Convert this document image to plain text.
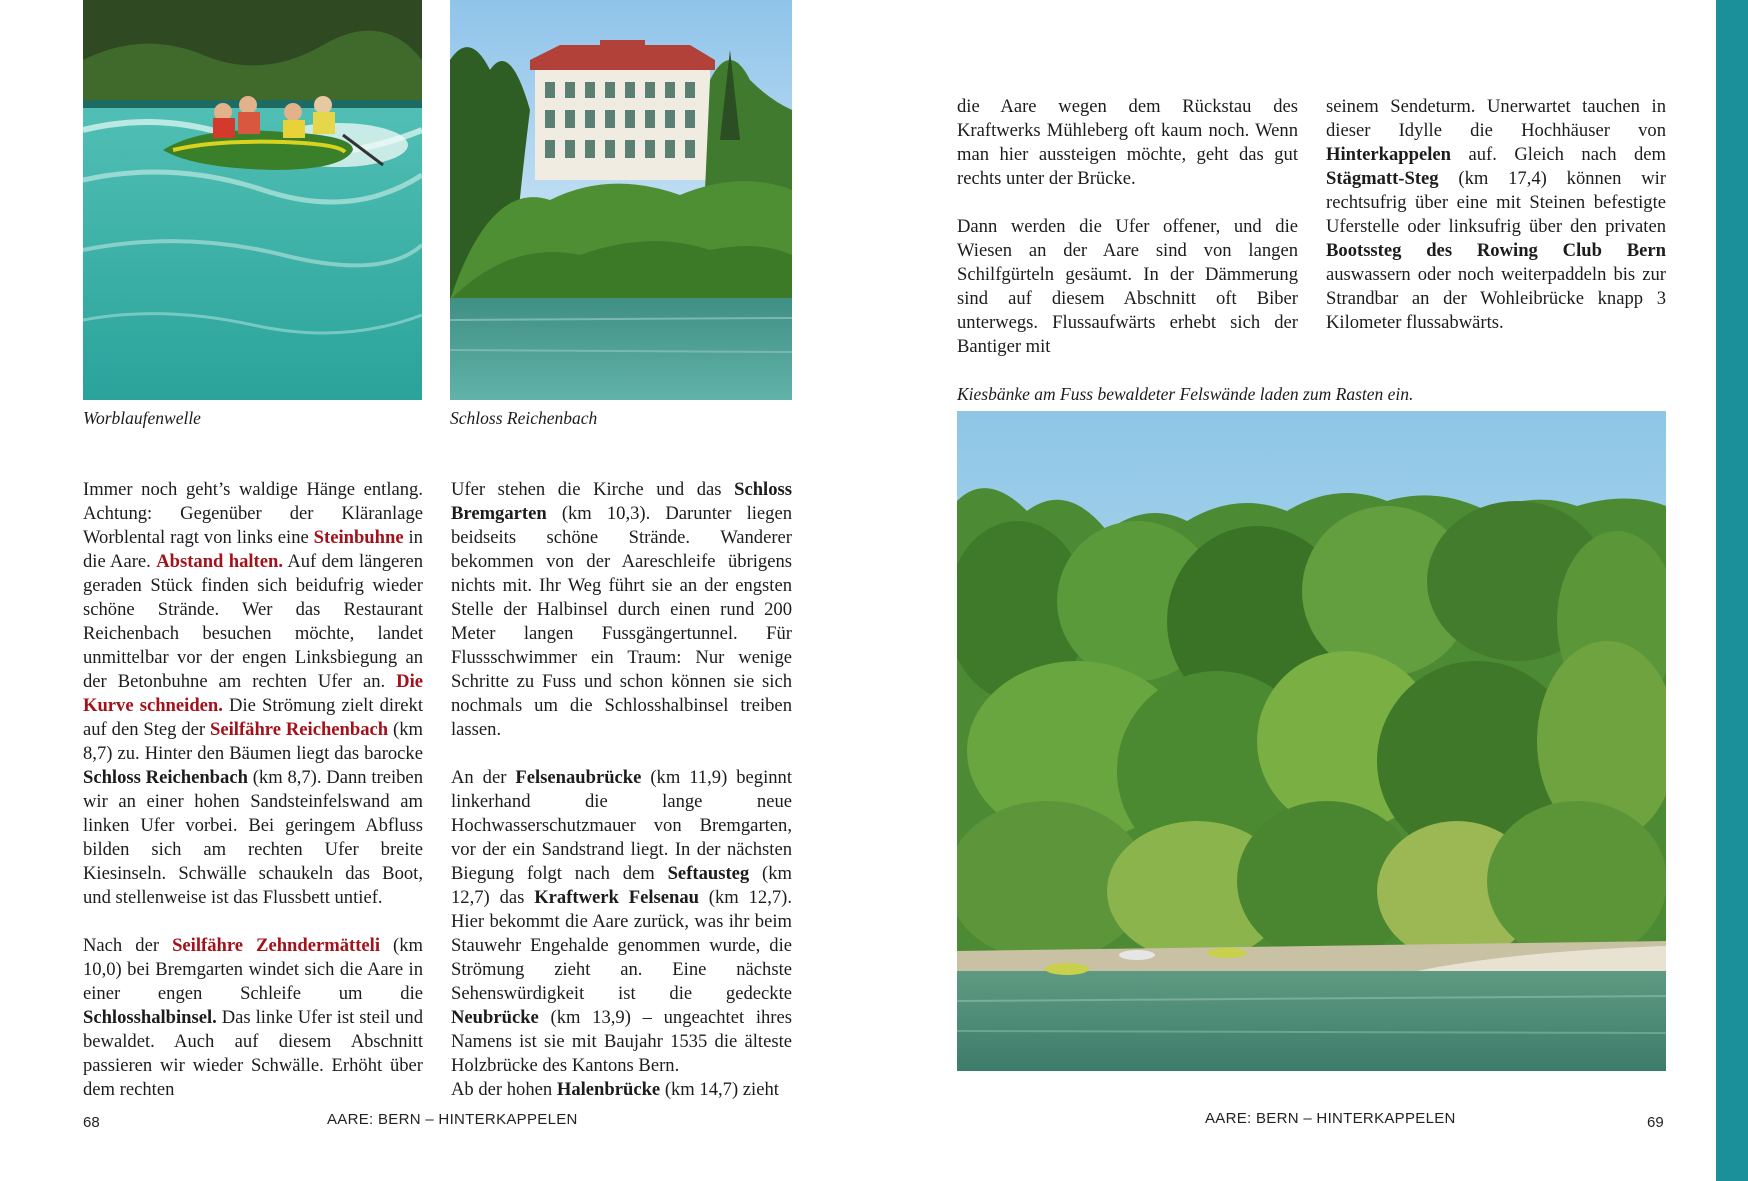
Worblaufenwelle	Schloss Reichenbach

Immer noch geht’s waldige Hänge entlang. Achtung: Gegenüber der Kläranlage Worblental ragt von links eine Steinbuhne in die Aare. Abstand halten. Auf dem längeren geraden Stück finden sich beidufrig wieder schöne Strände. Wer das Restaurant Reichenbach besuchen möchte, landet unmittelbar vor der engen Linksbiegung an der Betonbuhne am rechten Ufer an. Die Kurve schneiden. Die Strömung zielt direkt auf den Steg der Seilfähre Reichenbach (km 8,7) zu. Hinter den Bäumen liegt das barocke Schloss Reichenbach (km 8,7). Dann treiben wir an einer hohen Sandsteinfelswand am linken Ufer vorbei. Bei geringem Abfluss bilden sich am rechten Ufer breite Kiesinseln. Schwälle schaukeln das Boot, und stellenweise ist das Flussbett untief.

Nach der Seilfähre Zehndermätteli (km 10,0) bei Bremgarten windet sich die Aare in einer engen Schleife um die Schlosshalbinsel. Das linke Ufer ist steil und bewaldet. Auch auf diesem Abschnitt passieren wir wieder Schwälle. Erhöht über dem rechten

Ufer stehen die Kirche und das Schloss Bremgarten (km 10,3). Darunter liegen beidseits schöne Strände. Wanderer bekommen von der Aareschleife übrigens nichts mit. Ihr Weg führt sie an der engsten Stelle der Halbinsel durch einen rund 200 Meter langen Fussgängertunnel. Für Flussschwimmer ein Traum: Nur wenige Schritte zu Fuss und schon können sie sich nochmals um die Schlosshalbinsel treiben lassen.

An der Felsenaubrücke (km 11,9) beginnt linkerhand die lange neue Hochwasserschutzmauer von Bremgarten, vor der ein Sandstrand liegt. In der nächsten Biegung folgt nach dem Seftausteg (km 12,7) das Kraftwerk Felsenau (km 12,7). Hier bekommt die Aare zurück, was ihr beim Stauwehr Engehalde genommen wurde, die Strömung zieht an. Eine nächste Sehenswürdigkeit ist die gedeckte Neubrücke (km 13,9) – ungeachtet ihres Namens ist sie mit Baujahr 1535 die älteste Holzbrücke des Kantons Bern.

Ab der hohen Halenbrücke (km 14,7) zieht

68	AARE: BERN – HINTERKAPPELEN

die Aare wegen dem Rückstau des Kraftwerks Mühleberg oft kaum noch. Wenn man hier aussteigen möchte, geht das gut rechts unter der Brücke.

Dann werden die Ufer offener, und die Wiesen an der Aare sind von langen Schilfgürteln gesäumt. In der Dämmerung sind auf diesem Abschnitt oft Biber unterwegs. Flussaufwärts erhebt sich der Bantiger mit

seinem Sendeturm. Unerwartet tauchen in dieser Idylle die Hochhäuser von Hinterkappelen auf. Gleich nach dem Stägmatt-Steg (km 17,4) können wir rechtsufrig über eine mit Steinen befestigte Uferstelle oder linksufrig über den privaten Bootssteg des Rowing Club Bern auswassern oder noch weiterpaddeln bis zur Strandbar an der Wohleibrücke knapp 3 Kilometer flussabwärts.

Kiesbänke am Fuss bewaldeter Felswände laden zum Rasten ein.
AARE: BERN – HINTERKAPPELEN	69
